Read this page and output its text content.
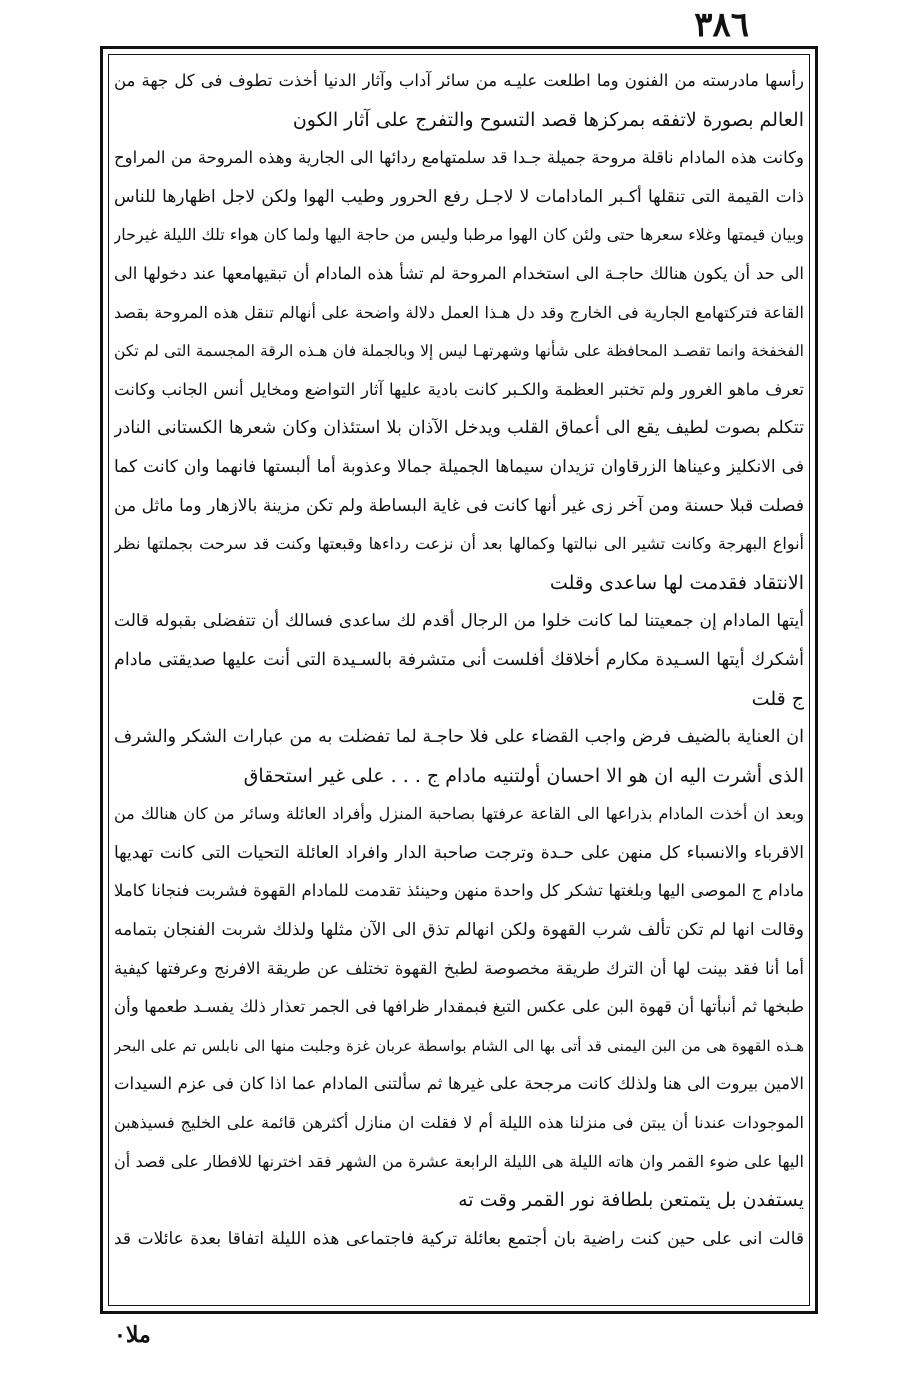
٣٨٦
رأسها مادرسته من الفنون وما اطلعت عليـه من سائر آداب وآثار الدنيا أخذت تطوف فى كل جهة من
العالم بصورة لاتفقه بمركزها قصد التسوح والتفرج على آثار الكون
وكانت هذه المادام ناقلة مروحة جميلة جـدا قد سلمتهامع ردائها الى الجارية وهذه المروحة من المراوح
ذات القيمة التى تنقلها أكـبر المادامات لا لاجـل رفع الحرور وطيب الهوا ولكن لاجل اظهارها للناس
وبيان قيمتها وغلاء سعرها حتى ولئن كان الهوا مرطبا وليس من حاجة اليها ولما كان هواء تلك الليلة غيرحار
الى حد أن يكون هنالك حاجـة الى استخدام المروحة لم تشأ هذه المادام أن تبقيهامعها عند دخولها الى
القاعة فتركتهامع الجارية فى الخارج وقد دل هـذا العمل دلالة واضحة على أنهالم تنقل هذه المروحة بقصد
الفخفخة وانما تقصـد المحافظة على شأنها وشهرتهـا ليس إلا وبالجملة فان هـذه الرقة المجسمة التى لم تكن
تعرف ماهو الغرور ولم تختبر العظمة والكـبر كانت بادية عليها آثار التواضع ومخايل أنس الجانب وكانت
تتكلم بصوت لطيف يقع الى أعماق القلب ويدخل الآذان بلا استئذان وكان شعرها الكستانى النادر
فى الانكليز وعيناها الزرقاوان تزيدان سيماها الجميلة جمالا وعذوبة أما ألبستها فانهما وان كانت كما
فصلت قبلا حسنة ومن آخر زى غير أنها كانت فى غاية البساطة ولم تكن مزينة بالازهار وما ماثل من
أنواع البهرجة وكانت تشير الى نبالتها وكمالها بعد أن نزعت رداءها وقبعتها وكنت قد سرحت بجملتها نظر
الانتقاد فقدمت لها ساعدى وقلت
أيتها المادام إن جمعيتنا لما كانت خلوا من الرجال أقدم لك ساعدى فسالك أن تتفضلى بقبوله قالت
أشكرك أيتها السـيدة مكارم أخلاقك أفلست أنى متشرفة بالسـيدة التى أنت عليها صديقتى مادام
ج قلت
ان العناية بالضيف فرض واجب القضاء على فلا حاجـة لما تفضلت به من عبارات الشكر والشرف
الذى أشرت اليه ان هو الا احسان أولتنيه مادام ج . . . على غير استحقاق
وبعد ان أخذت المادام بذراعها الى القاعة عرفتها بصاحبة المنزل وأفراد العائلة وسائر من كان هنالك من
الاقرباء والانسباء كل منهن على حـدة وترجت صاحبة الدار وافراد العائلة التحيات التى كانت تهديها
مادام ج الموصى اليها وبلغتها تشكر كل واحدة منهن وحينئذ تقدمت للمادام القهوة فشربت فنجانا كاملا
وقالت انها لم تكن تألف شرب القهوة ولكن انهالم تذق الى الآن مثلها ولذلك شربت الفنجان بتمامه
أما أنا فقد بينت لها أن الترك طريقة مخصوصة لطبخ القهوة تختلف عن طريقة الافرنج وعرفتها كيفية
طبخها ثم أنبأتها أن قهوة البن على عكس التبغ فبمقدار ظرافها فى الجمر تعذار ذلك يفسـد طعمها وأن
هـذه القهوة هى من البن اليمنى قد أتى بها الى الشام بواسطة عربان غزة وجلبت منها الى نابلس تم على البحر
الامين بيروت الى هنا ولذلك كانت مرجحة على غيرها ثم سألتنى المادام عما اذا كان فى عزم السيدات
الموجودات عندنا أن يبتن فى منزلنا هذه الليلة أم لا فقلت ان منازل أكثرهن قائمة على الخليج فسيذهبن
اليها على ضوء القمر وان هاته الليلة هى الليلة الرابعة عشرة من الشهر فقد اخترنها للافطار على قصد أن
يستفدن بل يتمتعن بلطافة نور القمر وقت ته
قالت انى على حين كنت راضية بان أجتمع بعائلة تركية فاجتماعى هذه الليلة اتفاقا بعدة عائلات قد
ملا٠
